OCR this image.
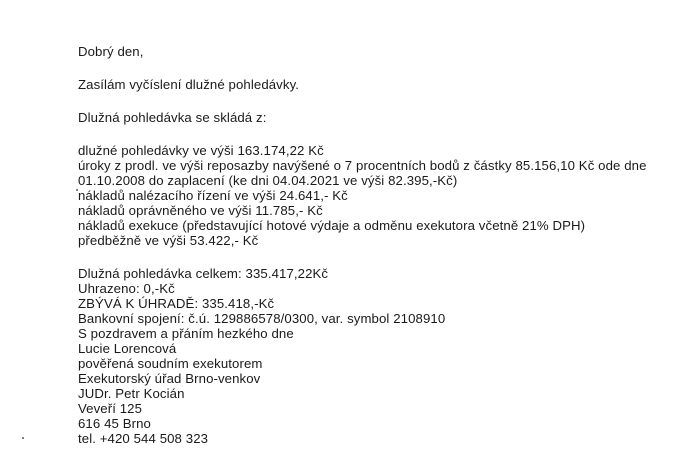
Dobrý den,
Zasílám vyčíslení dlužné pohledávky.
Dlužná pohledávka se skládá z:
dlužné pohledávky ve výši 163.174,22 Kč
úroky z prodl. ve výši reposazby navýšené o 7 procentních bodů z částky 85.156,10 Kč ode dne 01.10.2008 do zaplacení (ke dni 04.04.2021 ve výši 82.395,-Kč)
nákladů nalézacího řízení ve výši 24.641,- Kč
nákladů oprávněného ve výši 11.785,- Kč
nákladů exekuce (představující hotové výdaje a odměnu exekutora včetně 21% DPH) předběžně ve výši 53.422,- Kč
Dlužná pohledávka celkem: 335.417,22Kč
Uhrazeno: 0,-Kč
ZBÝVÁ K ÚHRADĚ: 335.418,-Kč
Bankovní spojení: č.ú. 129886578/0300, var. symbol 2108910
S pozdravem a přáním hezkého dne
Lucie Lorencová
pověřená soudním exekutorem
Exekutorský úřad Brno-venkov
JUDr. Petr Kocián
Veveří 125
616 45 Brno
tel. +420 544 508 323
